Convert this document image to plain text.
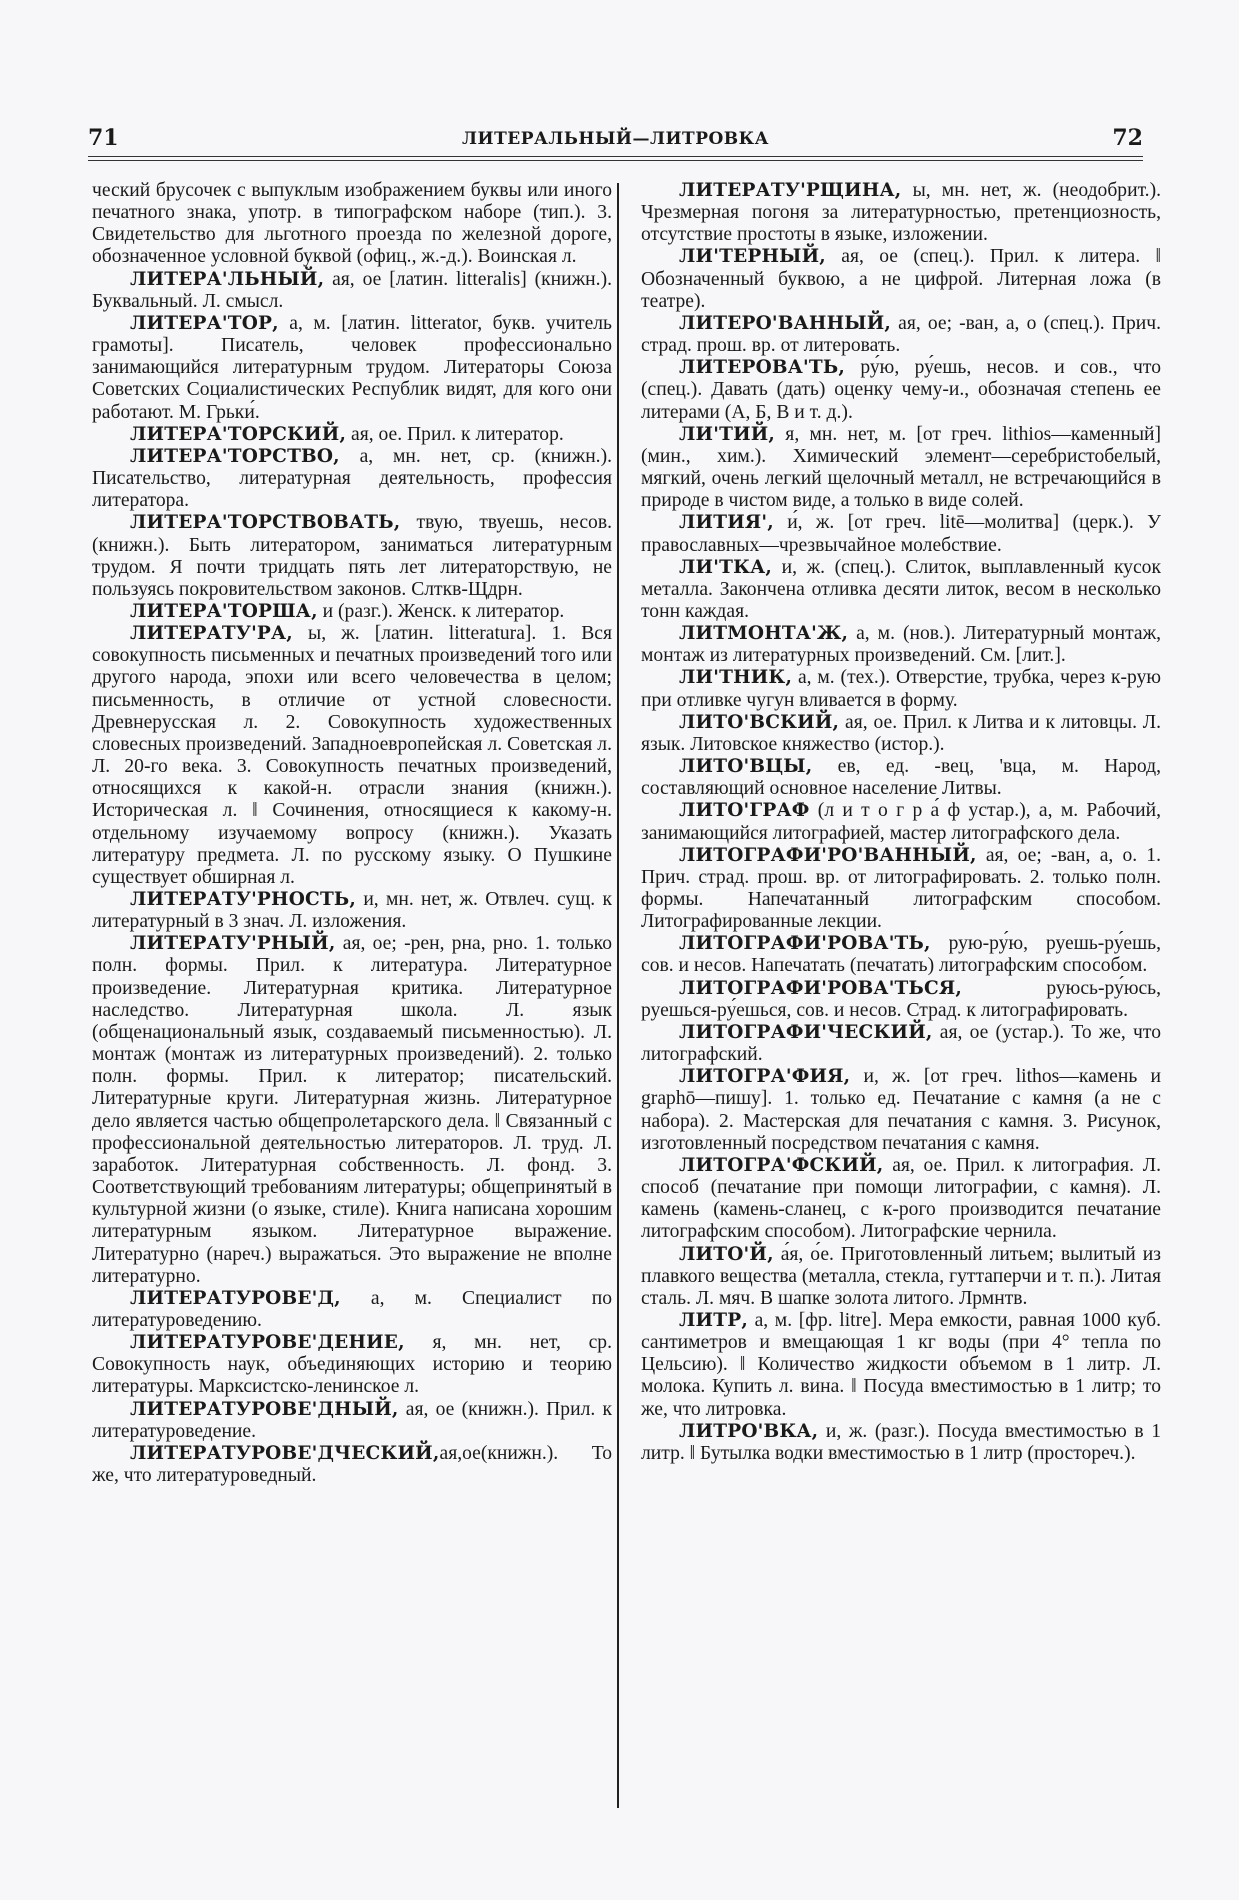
71	ЛИТЕРАЛЬНЫЙ—ЛИТРОВКА	72

ческий брусочек с выпуклым изображением буквы или иного печатного знака, употр. в типографском наборе (тип.). 3. Свидетельство для льготного проезда по железной дороге, обозначенное условной буквой (офиц., ж.-д.). Воинская л.

ЛИТЕРА'ЛЬНЫЙ, ая, ое [латин. litteralis] (книжн.). Буквальный. Л. смысл.

ЛИТЕРА'ТОР, а, м. [латин. litterator, букв. учитель грамоты]. Писатель, человек профессионально занимающийся литературным трудом. Литераторы Союза Советских Социалистических Республик видят, для кого они работают. М. Грьки́.

ЛИТЕРА'ТОРСКИЙ, ая, ое. Прил. к литератор.

ЛИТЕРА'ТОРСТВО, а, мн. нет, ср. (книжн.). Писательство, литературная деятельность, профессия литератора.

ЛИТЕРА'ТОРСТВОВАТЬ, твую, твуешь, несов. (книжн.). Быть литератором, заниматься литературным трудом. Я почти тридцать пять лет литераторствую, не пользуясь покровительством законов. Слткв-Щдрн.

ЛИТЕРА'ТОРША, и (разг.). Женск. к литератор.

ЛИТЕРАТУ'РА, ы, ж. [латин. litteratura]. 1. Вся совокупность письменных и печатных произведений того или другого народа, эпохи или всего человечества в целом; письменность, в отличие от устной словесности. Древнерусская л. 2. Совокупность художественных словесных произведений. Западноевропейская л. Советская л. Л. 20-го века. 3. Совокупность печатных произведений, относящихся к какой-н. отрасли знания (книжн.). Историческая л. ‖ Сочинения, относящиеся к какому-н. отдельному изучаемому вопросу (книжн.). Указать литературу предмета. Л. по русскому языку. О Пушкине существует обширная л.

ЛИТЕРАТУ'РНОСТЬ, и, мн. нет, ж. Отвлеч. сущ. к литературный в 3 знач. Л. изложения.

ЛИТЕРАТУ'РНЫЙ, ая, ое; -рен, рна, рно. 1. только полн. формы. Прил. к литература. Литературное произведение. Литературная критика. Литературное наследство. Литературная школа. Л. язык (общенациональный язык, создаваемый письменностью). Л. монтаж (монтаж из литературных произведений). 2. только полн. формы. Прил. к литератор; писательский. Литературные круги. Литературная жизнь. Литературное дело является частью общепролетарского дела. ‖ Связанный с профессиональной деятельностью литераторов. Л. труд. Л. заработок. Литературная собственность. Л. фонд. 3. Соответствующий требованиям литературы; общепринятый в культурной жизни (о языке, стиле). Книга написана хорошим литературным языком. Литературное выражение. Литературно (нареч.) выражаться. Это выражение не вполне литературно.

ЛИТЕРАТУРОВЕ'Д, а, м. Специалист по литературоведению.

ЛИТЕРАТУРОВЕ'ДЕНИЕ, я, мн. нет, ср. Совокупность наук, объединяющих историю и теорию литературы. Марксистско-ленинское л.

ЛИТЕРАТУРОВЕ'ДНЫЙ, ая, ое (книжн.). Прил. к литературоведение.

ЛИТЕРАТУРОВЕ'ДЧЕСКИЙ,ая,ое(книжн.). То же, что литературоведный.

ЛИТЕРАТУ'РЩИНА, ы, мн. нет, ж. (неодобрит.). Чрезмерная погоня за литературностью, претенциозность, отсутствие простоты в языке, изложении.

ЛИ'ТЕРНЫЙ, ая, ое (спец.). Прил. к литера. ‖ Обозначенный буквою, а не цифрой. Литерная ложа (в театре).

ЛИТЕРО'ВАННЫЙ, ая, ое; -ван, а, о (спец.). Прич. страд. прош. вр. от литеровать.

ЛИТЕРОВА'ТЬ, ру́ю, ру́ешь, несов. и сов., что (спец.). Давать (дать) оценку чему-и., обозначая степень ее литерами (А, Б, В и т. д.).

ЛИ'ТИЙ, я, мн. нет, м. [от греч. lithios—каменный] (мин., хим.). Химический элемент—серебристобелый, мягкий, очень легкий щелочный металл, не встречающийся в природе в чистом виде, а только в виде солей.

ЛИТИЯ', и́, ж. [от греч. litē—молитва] (церк.). У православных—чрезвычайное молебствие.

ЛИ'ТКА, и, ж. (спец.). Слиток, выплавленный кусок металла. Закончена отливка десяти литок, весом в несколько тонн каждая.

ЛИТМОНТА'Ж, а, м. (нов.). Литературный монтаж, монтаж из литературных произведений. См. [лит.].

ЛИ'ТНИК, а, м. (тех.). Отверстие, трубка, через к-рую при отливке чугун вливается в форму.

ЛИТО'ВСКИЙ, ая, ое. Прил. к Литва и к литовцы. Л. язык. Литовское княжество (истор.).

ЛИТО'ВЦЫ, ев, ед. -вец, 'вца, м. Народ, составляющий основное население Литвы.

ЛИТО'ГРАФ (л и т о г р а́ ф устар.), а, м. Рабочий, занимающийся литографией, мастер литографского дела.

ЛИТОГРАФИ'РО'ВАННЫЙ, ая, ое; -ван, а, о. 1. Прич. страд. прош. вр. от литографировать. 2. только полн. формы. Напечатанный литографским способом. Литографированные лекции.

ЛИТОГРАФИ'РОВА'ТЬ, рую-ру́ю, руешь-ру́ешь, сов. и несов. Напечатать (печатать) литографским способом.

ЛИТОГРАФИ'РОВА'ТЬСЯ, руюсь-ру́юсь, руешься-ру́ешься, сов. и несов. Страд. к литографировать.

ЛИТОГРАФИ'ЧЕСКИЙ, ая, ое (устар.). То же, что литографский.

ЛИТОГРА'ФИЯ, и, ж. [от греч. lithos—камень и graphō—пишу]. 1. только ед. Печатание с камня (а не с набора). 2. Мастерская для печатания с камня. 3. Рисунок, изготовленный посредством печатания с камня.

ЛИТОГРА'ФСКИЙ, ая, ое. Прил. к литография. Л. способ (печатание при помощи литографии, с камня). Л. камень (камень-сланец, с к-рого производится печатание литографским способом). Литографские чернила.

ЛИТО'Й, а́я, о́е. Приготовленный литьем; вылитый из плавкого вещества (металла, стекла, гуттаперчи и т. п.). Литая сталь. Л. мяч. В шапке золота литого. Лрмнтв.

ЛИТР, а, м. [фр. litre]. Мера емкости, равная 1000 куб. сантиметров и вмещающая 1 кг воды (при 4° тепла по Цельсию). ‖ Количество жидкости объемом в 1 литр. Л. молока. Купить л. вина. ‖ Посуда вместимостью в 1 литр; то же, что литровка.

ЛИТРО'ВКА, и, ж. (разг.). Посуда вместимостью в 1 литр. ‖ Бутылка водки вместимостью в 1 литр (простореч.).
